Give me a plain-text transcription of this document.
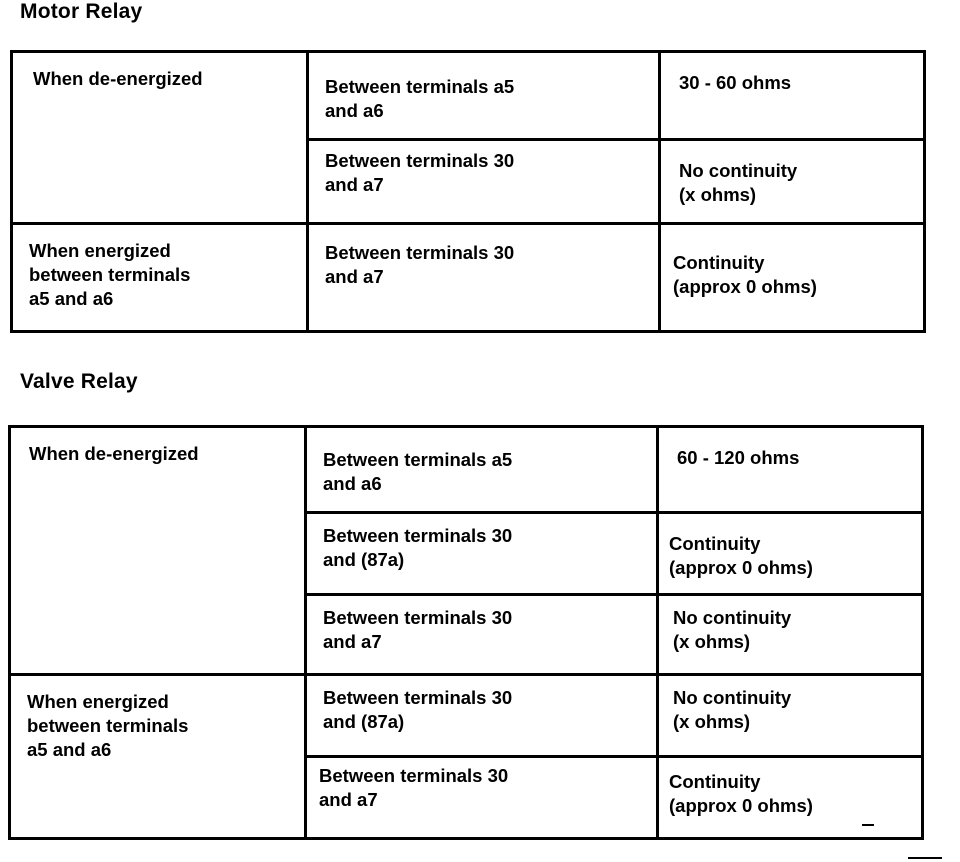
Motor Relay
When de-energized	Between terminals a5
and a6	30 - 60 ohms
	Between terminals 30
and a7	No continuity
(x ohms)
When energized
between terminals
a5 and a6	Between terminals 30
and a7	Continuity
(approx 0 ohms)
Valve Relay
When de-energized	Between terminals a5
and a6	60 - 120 ohms
	Between terminals 30
and (87a)	Continuity
(approx 0 ohms)
	Between terminals 30
and a7	No continuity
(x ohms)
When energized
between terminals
a5 and a6	Between terminals 30
and (87a)	No continuity
(x ohms)
	Between terminals 30
and a7	Continuity
(approx 0 ohms)
